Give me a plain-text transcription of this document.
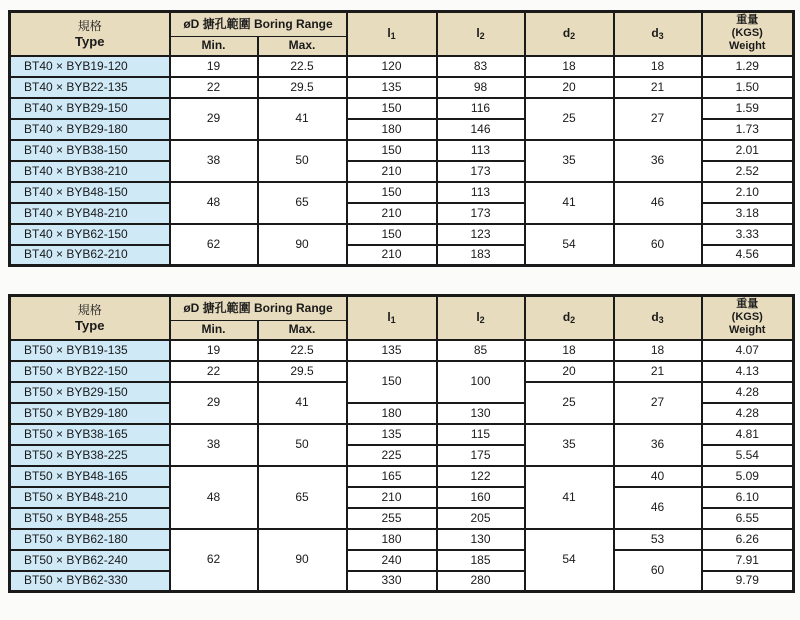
規格
Type
	øD 搪孔範圍 Boring Range	$l_1$	$l_2$	$d_2$	$d_3$	
重量
(KGS)
Weight

	Min.	Max.					
BT40 × BYB19-120	19	22.5	120	83	18	18	1.29
BT40 × BYB22-135	22	29.5	135	98	20	21	1.50
BT40 × BYB29-150	29	41	150	116	25	27	1.59
BT40 × BYB29-180			180	146			1.73
BT40 × BYB38-150	38	50	150	113	35	36	2.01
BT40 × BYB38-210			210	173			2.52
BT40 × BYB48-150	48	65	150	113	41	46	2.10
BT40 × BYB48-210			210	173			3.18
BT40 × BYB62-150	62	90	150	123	54	60	3.33
BT40 × BYB62-210			210	183			4.56
規格
Type
	øD 搪孔範圍 Boring Range	$l_1$	$l_2$	$d_2$	$d_3$	
重量
(KGS)
Weight

	Min.	Max.					
BT50 × BYB19-135	19	22.5	135	85	18	18	4.07
BT50 × BYB22-150	22	29.5	150	100	20	21	4.13
BT50 × BYB29-150	29	41			25	27	4.28
BT50 × BYB29-180			180	130			4.28
BT50 × BYB38-165	38	50	135	115	35	36	4.81
BT50 × BYB38-225			225	175			5.54
BT50 × BYB48-165	48	65	165	122	41	40	5.09
BT50 × BYB48-210			210	160		46	6.10
BT50 × BYB48-255			255	205			6.55
BT50 × BYB62-180	62	90	180	130	54	53	6.26
BT50 × BYB62-240			240	185		60	7.91
BT50 × BYB62-330			330	280			9.79
